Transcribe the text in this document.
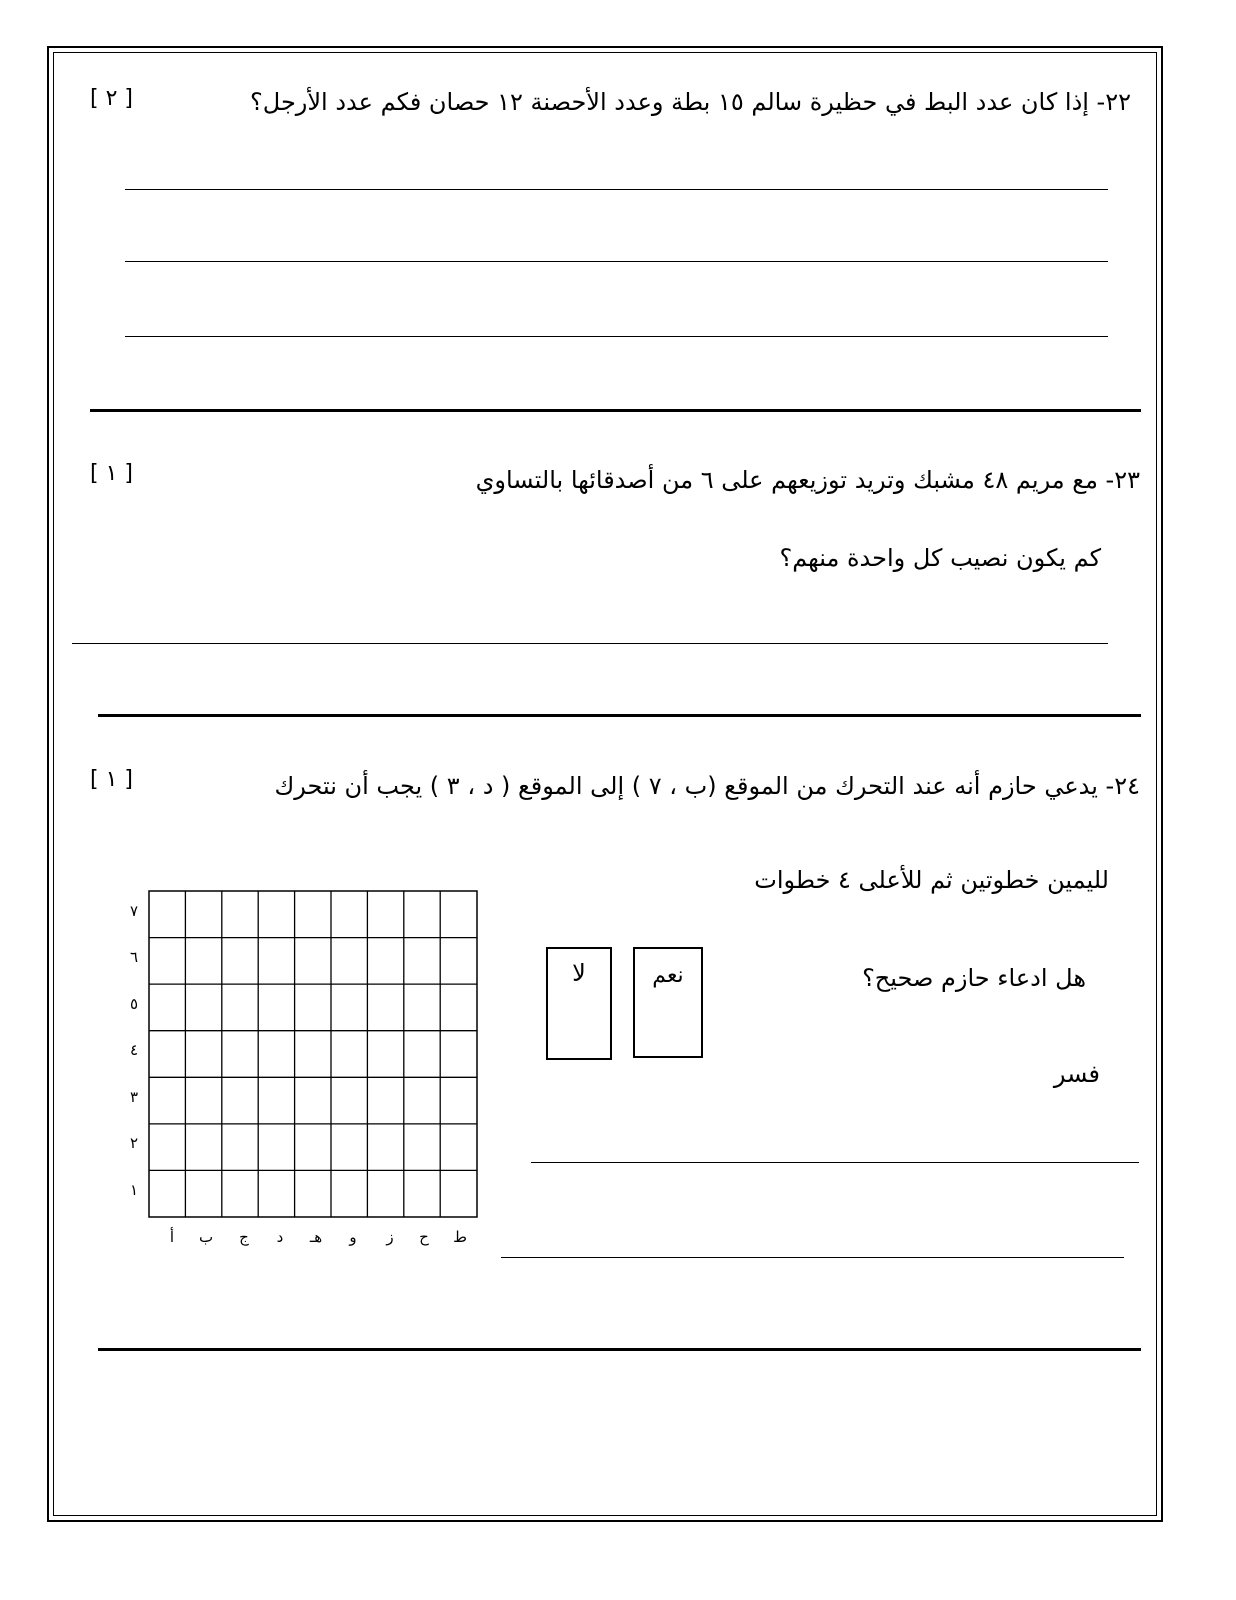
٢٢- إذا كان عدد البط في حظيرة سالم ١٥ بطة وعدد الأحصنة ١٢ حصان فكم عدد الأرجل؟
[ ٢ ]
[ ١ ]	٢٣- مع مريم ٤٨ مشبك وتريد توزيعهم على ٦ من أصدقائها بالتساوي
كم يكون نصيب كل واحدة منهم؟
[ ١ ]	٢٤- يدعي حازم أنه عند التحرك من الموقع (ب ، ٧ ) إلى الموقع ( د ، ٣ ) يجب أن نتحرك
لليمين خطوتين ثم للأعلى ٤ خطوات
هل ادعاء حازم صحيح؟
نعم
لا
فسر
٧
٦
٥
٤
٣
٢
١
ط
ح
ز
و
هـ
د
ج
ب
أ
